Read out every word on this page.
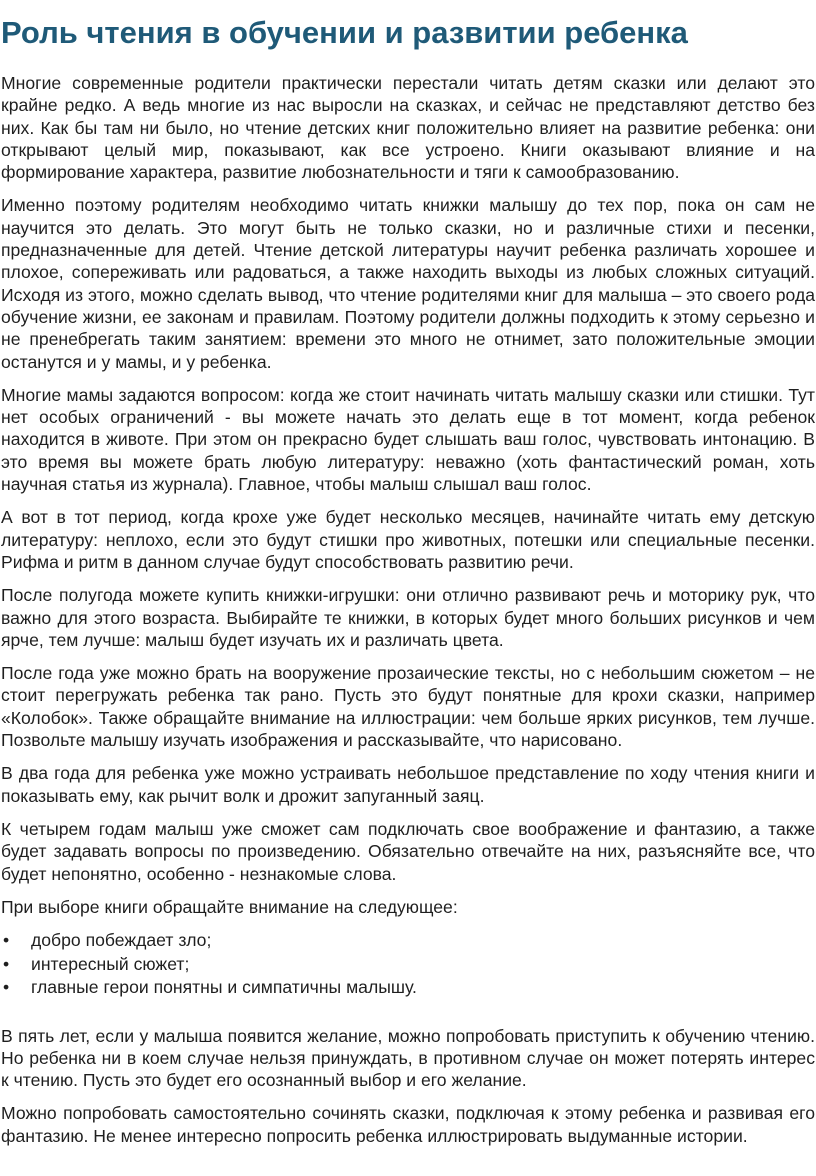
Роль чтения в обучении и развитии ребенка

Многие современные родители практически перестали читать детям сказки или делают это крайне редко. А ведь многие из нас выросли на сказках, и сейчас не представляют детство без них. Как бы там ни было, но чтение детских книг положительно влияет на развитие ребенка: они открывают целый мир, показывают, как все устроено. Книги оказывают влияние и на формирование характера, развитие любознательности и тяги к самообразованию.

Именно поэтому родителям необходимо читать книжки малышу до тех пор, пока он сам не научится это делать. Это могут быть не только сказки, но и различные стихи и песенки, предназначенные для детей. Чтение детской литературы научит ребенка различать хорошее и плохое, сопереживать или радоваться, а также находить выходы из любых сложных ситуаций. Исходя из этого, можно сделать вывод, что чтение родителями книг для малыша – это своего рода обучение жизни, ее законам и правилам. Поэтому родители должны подходить к этому серьезно и не пренебрегать таким занятием: времени это много не отнимет, зато положительные эмоции останутся и у мамы, и у ребенка.

Многие мамы задаются вопросом: когда же стоит начинать читать малышу сказки или стишки. Тут нет особых ограничений - вы можете начать это делать еще в тот момент, когда ребенок находится в животе. При этом он прекрасно будет слышать ваш голос, чувствовать интонацию. В это время вы можете брать любую литературу: неважно (хоть фантастический роман, хоть научная статья из журнала). Главное, чтобы малыш слышал ваш голос.

А вот в тот период, когда крохе уже будет несколько месяцев, начинайте читать ему детскую литературу: неплохо, если это будут стишки про животных, потешки или специальные песенки. Рифма и ритм в данном случае будут способствовать развитию речи.

После полугода можете купить книжки-игрушки: они отлично развивают речь и моторику рук, что важно для этого возраста. Выбирайте те книжки, в которых будет много больших рисунков и чем ярче, тем лучше: малыш будет изучать их и различать цвета.

После года уже можно брать на вооружение прозаические тексты, но с небольшим сюжетом – не стоит перегружать ребенка так рано. Пусть это будут понятные для крохи сказки, например «Колобок». Также обращайте внимание на иллюстрации: чем больше ярких рисунков, тем лучше. Позвольте малышу изучать изображения и рассказывайте, что нарисовано.

В два года для ребенка уже можно устраивать небольшое представление по ходу чтения книги и показывать ему, как рычит волк и дрожит запуганный заяц.

К четырем годам малыш уже сможет сам подключать свое воображение и фантазию, а также будет задавать вопросы по произведению. Обязательно отвечайте на них, разъясняйте все, что будет непонятно, особенно - незнакомые слова.

При выборе книги обращайте внимание на следующее:

• добро побеждает зло;
• интересный сюжет;
• главные герои понятны и симпатичны малышу.

В пять лет, если у малыша появится желание, можно попробовать приступить к обучению чтению. Но ребенка ни в коем случае нельзя принуждать, в противном случае он может потерять интерес к чтению. Пусть это будет его осознанный выбор и его желание.

Можно попробовать самостоятельно сочинять сказки, подключая к этому ребенка и развивая его фантазию. Не менее интересно попросить ребенка иллюстрировать выдуманные истории.
